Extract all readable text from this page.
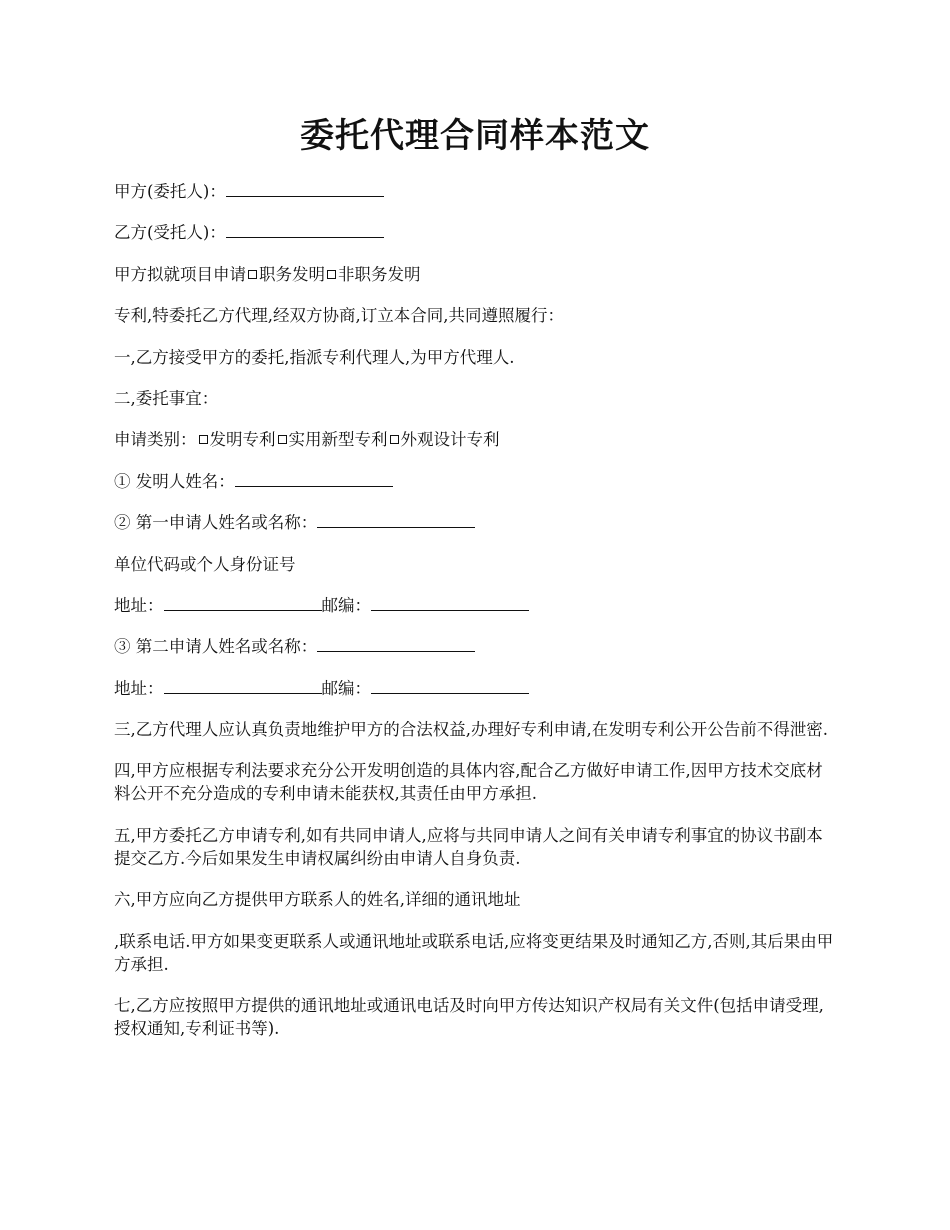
委托代理合同样本范文

甲方(委托人)：

乙方(受托人)：

甲方拟就项目申请 职务发明 非职务发明

专利,特委托乙方代理,经双方协商,订立本合同,共同遵照履行：

一,乙方接受甲方的委托,指派专利代理人,为甲方代理人.

二,委托事宜：

申请类别： 发明专利 实用新型专利 外观设计专利

① 发明人姓名：

② 第一申请人姓名或名称：

单位代码或个人身份证号

地址：	邮编：

③ 第二申请人姓名或名称：

地址：	邮编：

三,乙方代理人应认真负责地维护甲方的合法权益,办理好专利申请,在发明专利公开公告前不得泄密.

四,甲方应根据专利法要求充分公开发明创造的具体内容,配合乙方做好申请工作,因甲方技术交底材料公开不充分造成的专利申请未能获权,其责任由甲方承担.

五,甲方委托乙方申请专利,如有共同申请人,应将与共同申请人之间有关申请专利事宜的协议书副本提交乙方.今后如果发生申请权属纠纷由申请人自身负责.

六,甲方应向乙方提供甲方联系人的姓名,详细的通讯地址

,联系电话.甲方如果变更联系人或通讯地址或联系电话,应将变更结果及时通知乙方,否则,其后果由甲方承担.

七,乙方应按照甲方提供的通讯地址或通讯电话及时向甲方传达知识产权局有关文件(包括申请受理,授权通知,专利证书等).
